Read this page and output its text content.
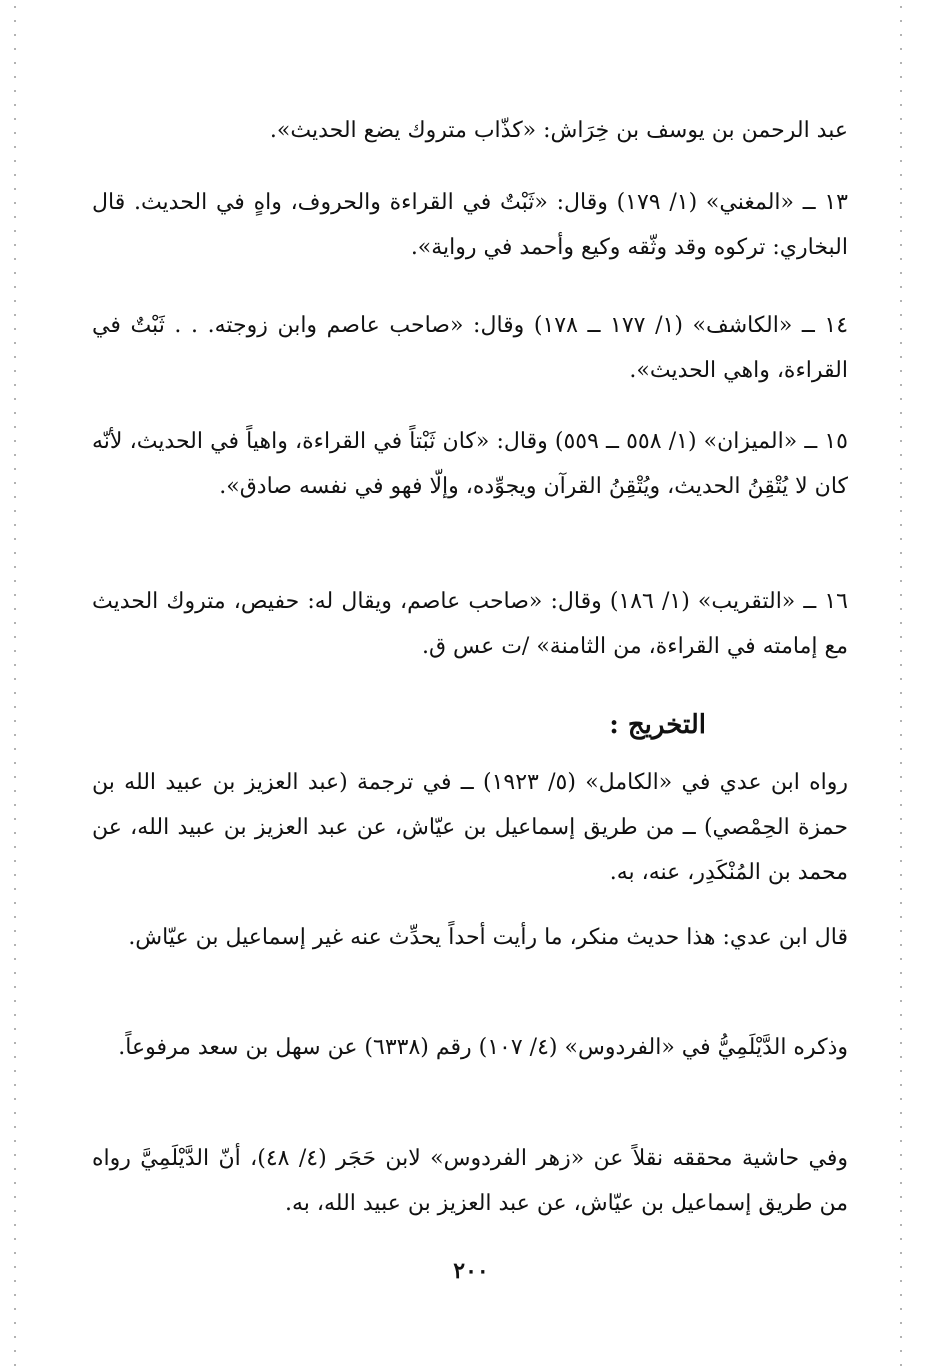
عبد الرحمن بن يوسف بن خِرَاش: «كذّاب متروك يضع الحديث».

١٣ ــ «المغني» (١/ ١٧٩) وقال: «ثَبْتٌ في القراءة والحروف، واهٍ في الحديث. قال البخاري: تركوه وقد وثّقه وكيع وأحمد في رواية».

١٤ ــ «الكاشف» (١/ ١٧٧ ــ ١٧٨) وقال: «صاحب عاصم وابن زوجته. . . ثَبْتٌ في القراءة، واهي الحديث».

١٥ ــ «الميزان» (١/ ٥٥٨ ــ ٥٥٩) وقال: «كان ثَبْتاً في القراءة، واهياً في الحديث، لأنّه كان لا يُتْقِنُ الحديث، ويُتْقِنُ القرآن ويجوِّده، وإلّا فهو في نفسه صادق».

١٦ ــ «التقريب» (١/ ١٨٦) وقال: «صاحب عاصم، ويقال له: حفيص، متروك الحديث مع إمامته في القراءة، من الثامنة» /ت عس ق.

التخريج :

رواه ابن عدي في «الكامل» (٥/ ١٩٢٣) ــ في ترجمة (عبد العزيز بن عبيد الله بن حمزة الحِمْصي) ــ من طريق إسماعيل بن عيّاش، عن عبد العزيز بن عبيد الله، عن محمد بن المُنْكَدِر، عنه، به.

قال ابن عدي: هذا حديث منكر، ما رأيت أحداً يحدِّث عنه غير إسماعيل بن عيّاش.

وذكره الدَّيْلَمِيُّ في «الفردوس» (٤/ ١٠٧) رقم (٦٣٣٨) عن سهل بن سعد مرفوعاً.

وفي حاشية محققه نقلاً عن «زهر الفردوس» لابن حَجَر (٤/ ٤٨)، أنّ الدَّيْلَمِيَّ رواه من طريق إسماعيل بن عيّاش، عن عبد العزيز بن عبيد الله، به.

٢٠٠
